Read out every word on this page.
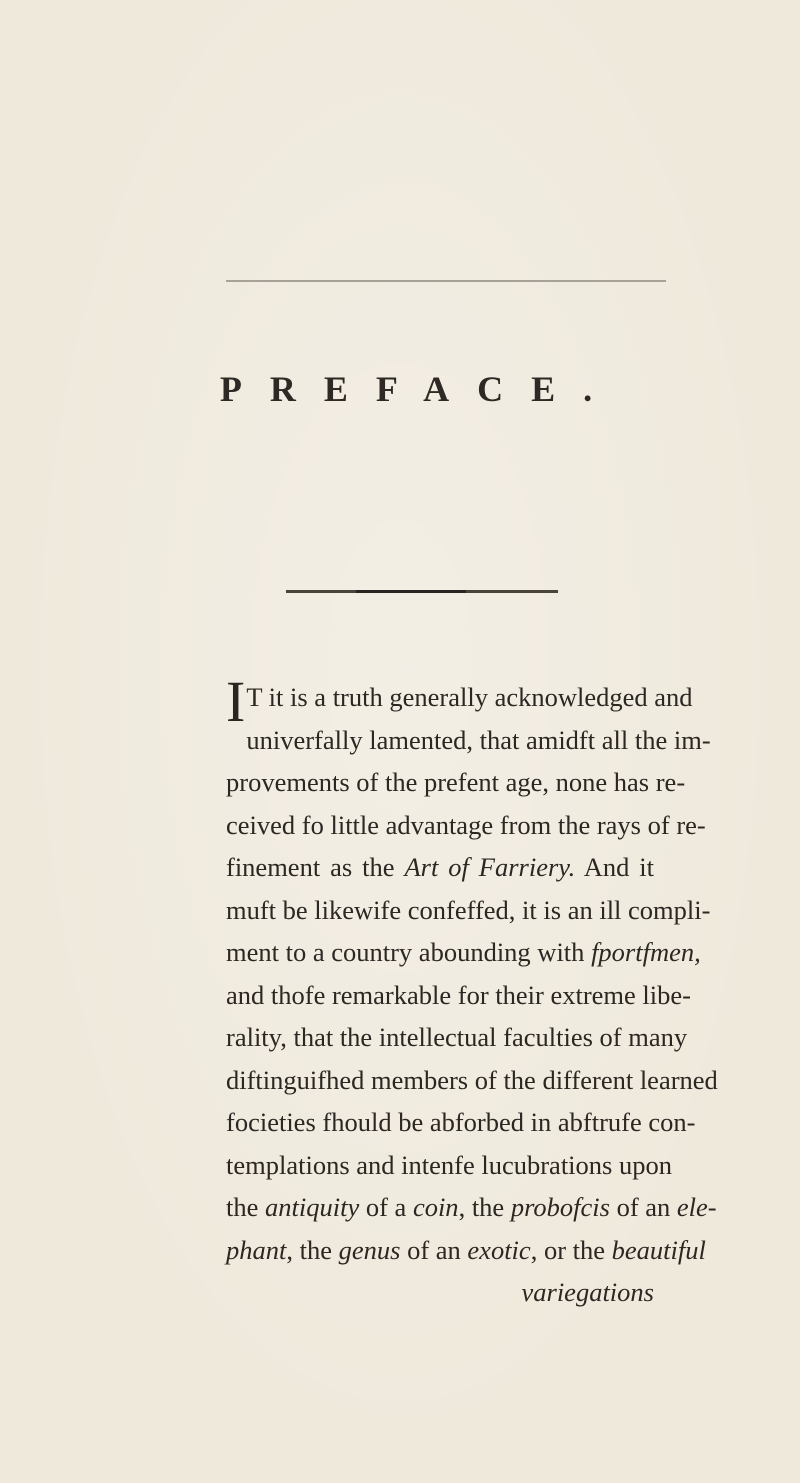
PREFACE.
I T it is a truth generally acknowledged and
univerfally lamented, that amidft all the im-
provements of the prefent age, none has re-
ceived fo little advantage from the rays of re-
finement as the Art of Farriery. And it
muft be likewife confeffed, it is an ill compli-
ment to a country abounding with fportfmen,
and thofe remarkable for their extreme libe-
rality, that the intellectual faculties of many
diftinguifhed members of the different learned
focieties fhould be abforbed in abftrufe con-
templations and intenfe lucubrations upon
the antiquity of a coin, the probofcis of an ele-
phant, the genus of an exotic, or the beautiful
variegations
